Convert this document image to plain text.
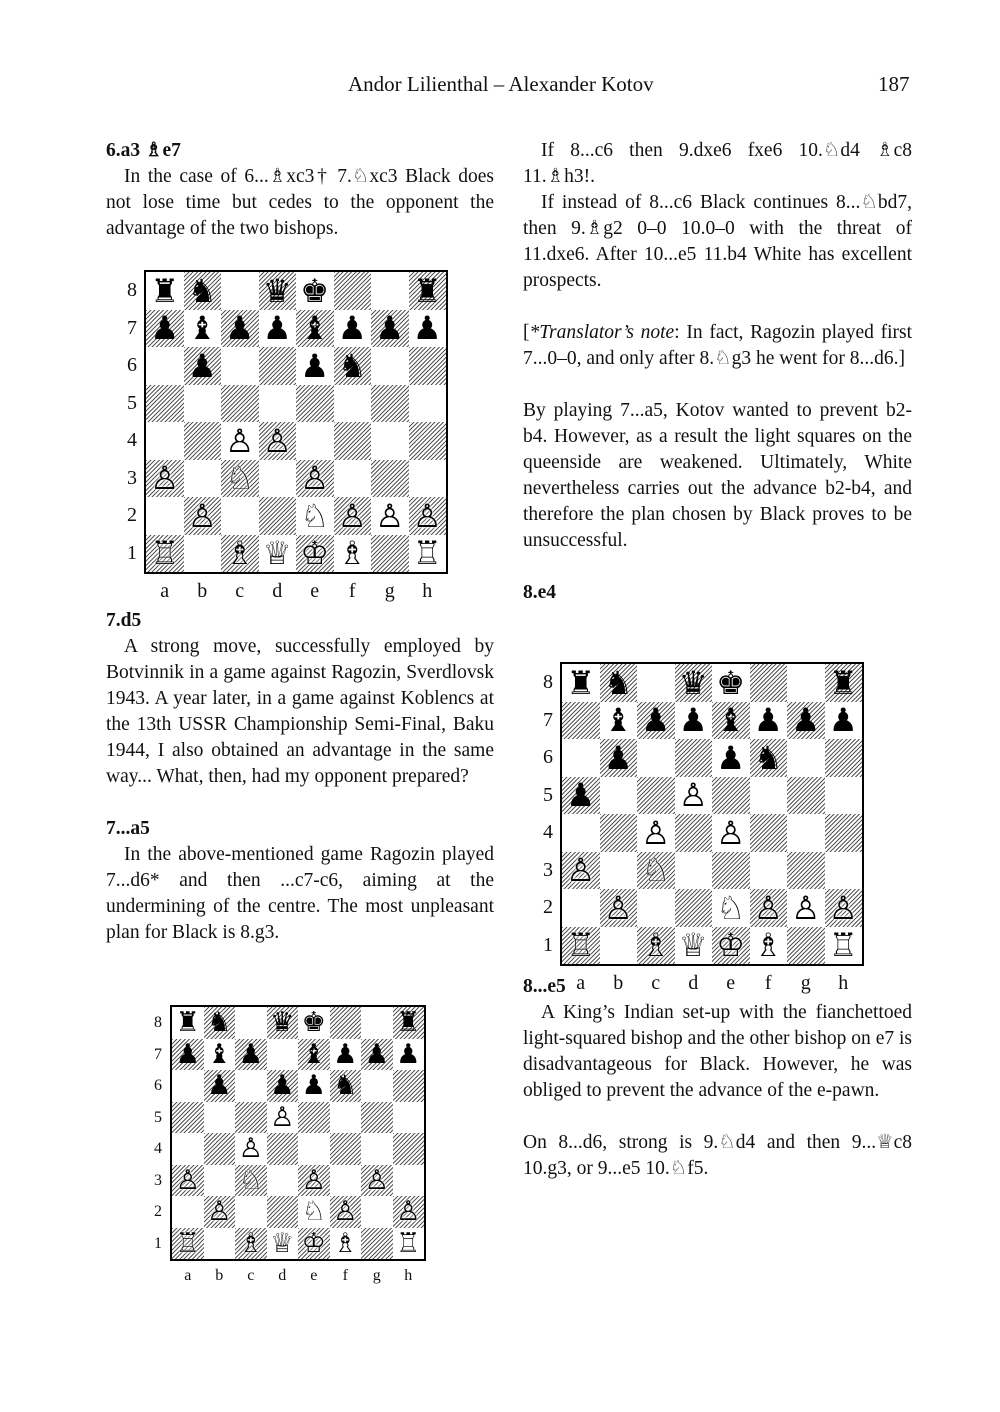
Andor Lilienthal – Alexander Kotov	187
6.a3 ♗e7

In the case of 6...♗xc3† 7.♘xc3 Black does not lose time but cedes to the opponent the advantage of the two bishops.

7.d5

A strong move, successfully employed by Botvinnik in a game against Ragozin, Sverdlovsk 1943. A year later, in a game against Koblencs at the 13th USSR Championship Semi-Final, Baku 1944, I also obtained an advantage in the same way... What, then, had my opponent prepared?

7...a5

In the above-mentioned game Ragozin played 7...d6* and then ...c7-c6, aiming at the undermining of the centre. The most unpleasant plan for Black is 8.g3.

If 8...c6 then 9.dxe6 fxe6 10.♘d4 ♗c8 11.♗h3!.

If instead of 8...c6 Black continues 8...♘bd7, then 9.♗g2 0–0 10.0–0 with the threat of 11.dxe6. After 10...e5 11.b4 White has excellent prospects.

[*Translator’s note: In fact, Ragozin played first 7...0–0, and only after 8.♘g3 he went for 8...d6.]

By playing 7...a5, Kotov wanted to prevent b2-b4. However, as a result the light squares on the queenside are weakened. Ultimately, White nevertheless carries out the advance b2-b4, and therefore the plan chosen by Black proves to be unsuccessful.

8.e4
8...e5

A King’s Indian set-up with the fianchettoed light-squared bishop and the other bishop on e7 is disadvantageous for Black. However, he was obliged to prevent the advance of the e-pawn.

On 8...d6, strong is 9.♘d4 and then 9...♕c8 10.g3, or 9...e5 10.♘f5.

8
7
6
5
4
3
2
1
♜ ♞ ♛ ♚	♜
♟ ♝ ♟ ♟ ♝ ♟ ♟ ♟
♟	♟ ♞
♙ ♙
♙ ♘ ♙
♙	♘ ♙ ♙ ♙
♖ ♗ ♕ ♔ ♗ ♖
a	b	c	d	e	f	g	h
8
7
6
5
4
3
2
1
♜ ♞ ♛ ♚	♜
♝ ♟ ♟ ♝ ♟ ♟ ♟
♟	♟ ♞
♟	♙
♙ ♙
♙ ♘
♙	♘ ♙ ♙ ♙
♖ ♗ ♕ ♔ ♗ ♖
a	b	c	d	e	f	g	h
8
7
6
5
4
3
2
1
♜ ♞ ♛ ♚	♜
♟ ♝ ♟ ♝ ♟ ♟ ♟
♟ ♟ ♟ ♞
♙
♙
♙ ♘ ♙ ♙
♙	♘ ♙ ♙
♖ ♗ ♕ ♔ ♗ ♖
a	b	c	d	e	f	g	h
